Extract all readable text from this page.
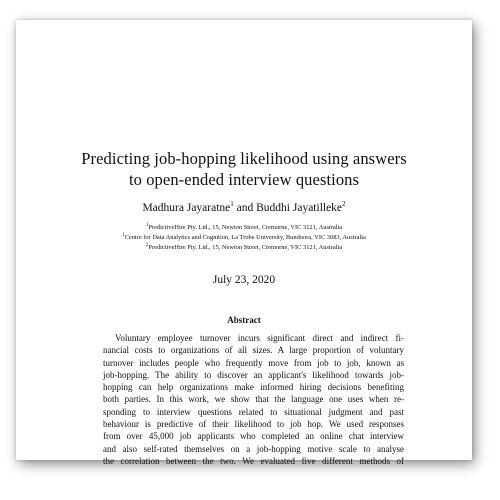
Predicting job-hopping likelihood using answers
to open-ended interview questions
Madhura Jayaratne$^1$ and Buddhi Jayatilleke$^2$
$^1$PredictiveHire Pty. Ltd., 15, Newton Street, Cremorne, VIC 3121, Australia
$^1$Centre for Data Analytics and Cognition, La Trobe University, Bundoora, VIC 3083, Australia
$^2$PredictiveHire Pty. Ltd., 15, Newton Street, Cremorne, VIC 3121, Australia
July 23, 2020
Abstract
Voluntary employee turnover incurs significant direct and indirect fi-
nancial costs to organizations of all sizes. A large proportion of voluntary
turnover includes people who frequently move from job to job, known as
job-hopping. The ability to discover an applicant's likelihood towards job-
hopping can help organizations make informed hiring decisions benefiting
both parties. In this work, we show that the language one uses when re-
sponding to interview questions related to situational judgment and past
behaviour is predictive of their likelihood to job hop. We used responses
from over 45,000 job applicants who completed an online chat interview
and also self-rated themselves on a job-hopping motive scale to analyse
the correlation between the two. We evaluated five different methods of
